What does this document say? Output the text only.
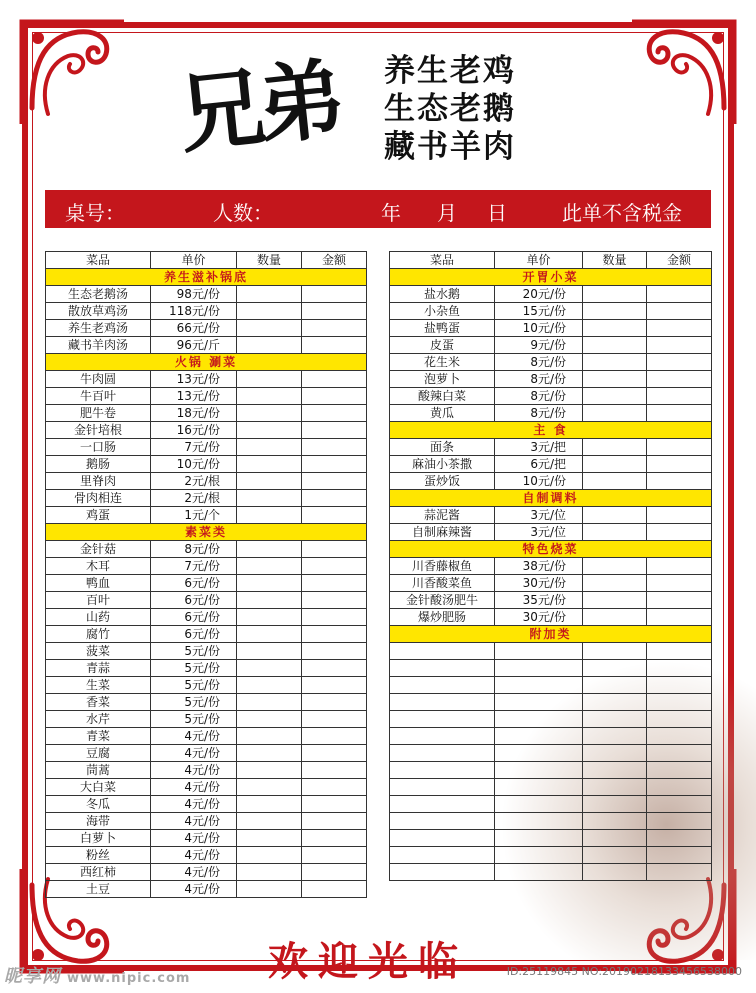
兄弟 养生老鸡
生态老鹅
藏书羊肉
桌号：	人数：	年 月 日	此单不含税金
菜品	单价	数量	金额
养生滋补锅底			
生态老鹅汤	98元/份		
散放草鸡汤	118元/份		
养生老鸡汤	66元/份		
藏书羊肉汤	96元/斤		
火锅 涮菜			
牛肉圆	13元/份		
牛百叶	13元/份		
肥牛卷	18元/份		
金针培根	16元/份		
一口肠	7元/份		
鹅肠	10元/份		
里脊肉	2元/根		
骨肉相连	2元/根		
鸡蛋	1元/个		
素菜类			
金针菇	8元/份		
木耳	7元/份		
鸭血	6元/份		
百叶	6元/份		
山药	6元/份		
腐竹	6元/份		
菠菜	5元/份		
青蒜	5元/份		
生菜	5元/份		
香菜	5元/份		
水芹	5元/份		
青菜	4元/份		
豆腐	4元/份		
茼蒿	4元/份		
大白菜	4元/份		
冬瓜	4元/份		
海带	4元/份		
白萝卜	4元/份		
粉丝	4元/份		
西红柿	4元/份		
土豆	4元/份		
菜品	单价	数量	金额
开胃小菜			
盐水鹅	20元/份		
小杂鱼	15元/份		
盐鸭蛋	10元/份		
皮蛋	9元/份		
花生米	8元/份		
泡萝卜	8元/份		
酸辣白菜	8元/份		
黄瓜	8元/份		
主 食			
面条	3元/把		
麻油小茶撒	6元/把		
蛋炒饭	10元/份		
自制调料			
蒜泥酱	3元/位		
自制麻辣酱	3元/位		
特色烧菜			
川香藤椒鱼	38元/份		
川香酸菜鱼	30元/份		
金针酸汤肥牛	35元/份		
爆炒肥肠	30元/份		
附加类			

欢迎光临
昵享网 www.nipic.com	ID:25119845 NO:20190218133456538000
